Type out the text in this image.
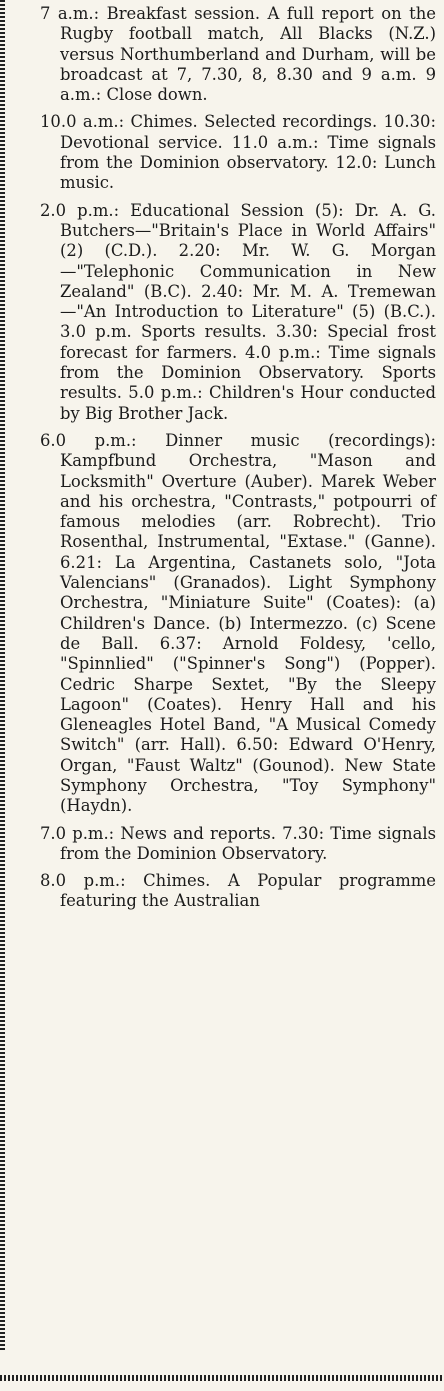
7 a.m.: Breakfast session. A full report on the Rugby football match, All Blacks (N.Z.) versus Northumberland and Durham, will be broadcast at 7, 7.30, 8, 8.30 and 9 a.m. 9 a.m.: Close down.

10.0 a.m.: Chimes. Selected recordings. 10.30: Devotional service. 11.0 a.m.: Time signals from the Dominion observatory. 12.0: Lunch music.

2.0 p.m.: Educational Session (5): Dr. A. G. Butchers—"Britain's Place in World Affairs" (2) (C.D.). 2.20: Mr. W. G. Morgan —"Telephonic Communication in New Zealand" (B.C). 2.40: Mr. M. A. Tremewan—"An Introduction to Literature" (5) (B.C.). 3.0 p.m. Sports results. 3.30: Special frost forecast for farmers. 4.0 p.m.: Time signals from the Dominion Observatory. Sports results. 5.0 p.m.: Children's Hour conducted by Big Brother Jack.

6.0 p.m.: Dinner music (recordings): Kampfbund Orchestra, "Mason and Locksmith" Overture (Auber). Marek Weber and his orchestra, "Contrasts," potpourri of famous melodies (arr. Robrecht). Trio Rosenthal, Instrumental, "Extase." (Ganne). 6.21: La Argentina, Castanets solo, "Jota Valencians" (Granados). Light Symphony Orchestra, "Miniature Suite" (Coates): (a) Children's Dance. (b) Intermezzo. (c) Scene de Ball. 6.37: Arnold Foldesy, 'cello, "Spinnlied" ("Spinner's Song") (Popper). Cedric Sharpe Sextet, "By the Sleepy Lagoon" (Coates). Henry Hall and his Gleneagles Hotel Band, "A Musical Comedy Switch" (arr. Hall). 6.50: Edward O'Henry, Organ, "Faust Waltz" (Gounod). New State Symphony Orchestra, "Toy Symphony" (Haydn).

7.0 p.m.: News and reports. 7.30: Time signals from the Dominion Observatory.

8.0 p.m.: Chimes. A Popular programme featuring the Australian
